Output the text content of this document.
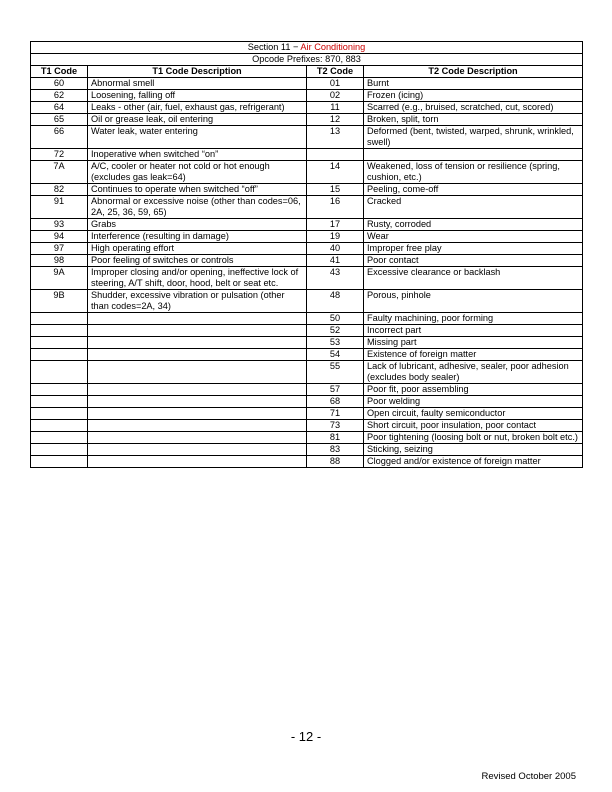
Section 11 − Air Conditioning			
Opcode Prefixes: 870, 883			
T1 Code	T1 Code Description	T2 Code	T2 Code Description
60	Abnormal smell	01	Burnt
62	Loosening, falling off	02	Frozen (icing)
64	Leaks - other (air, fuel, exhaust gas, refrigerant)	11	Scarred (e.g., bruised, scratched, cut, scored)
65	Oil or grease leak, oil entering	12	Broken, split, torn
66	Water leak, water entering	13	Deformed (bent, twisted, warped, shrunk, wrinkled, swell)
72	Inoperative when switched “on”		
7A	A/C, cooler or heater not cold or hot enough (excludes gas leak=64)	14	Weakened, loss of tension or resilience (spring, cushion, etc.)
82	Continues to operate when switched “off”	15	Peeling, come-off
91	Abnormal or excessive noise (other than codes=06, 2A, 25, 36, 59, 65)	16	Cracked
93	Grabs	17	Rusty, corroded
94	Interference (resulting in damage)	19	Wear
97	High operating effort	40	Improper free play
98	Poor feeling of switches or controls	41	Poor contact
9A	Improper closing and/or opening, ineffective lock of steering, A/T shift, door, hood, belt or seat etc.	43	Excessive clearance or backlash
9B	Shudder, excessive vibration or pulsation (other than codes=2A, 34)	48	Porous, pinhole
		50	Faulty machining, poor forming
		52	Incorrect part
		53	Missing part
		54	Existence of foreign matter
		55	Lack of lubricant, adhesive, sealer, poor adhesion (excludes body sealer)
		57	Poor fit, poor assembling
		68	Poor welding
		71	Open circuit, faulty semiconductor
		73	Short circuit, poor insulation, poor contact
		81	Poor tightening (loosing bolt or nut, broken bolt etc.)
		83	Sticking, seizing
		88	Clogged and/or existence of foreign matter
- 12 -
Revised October 2005
